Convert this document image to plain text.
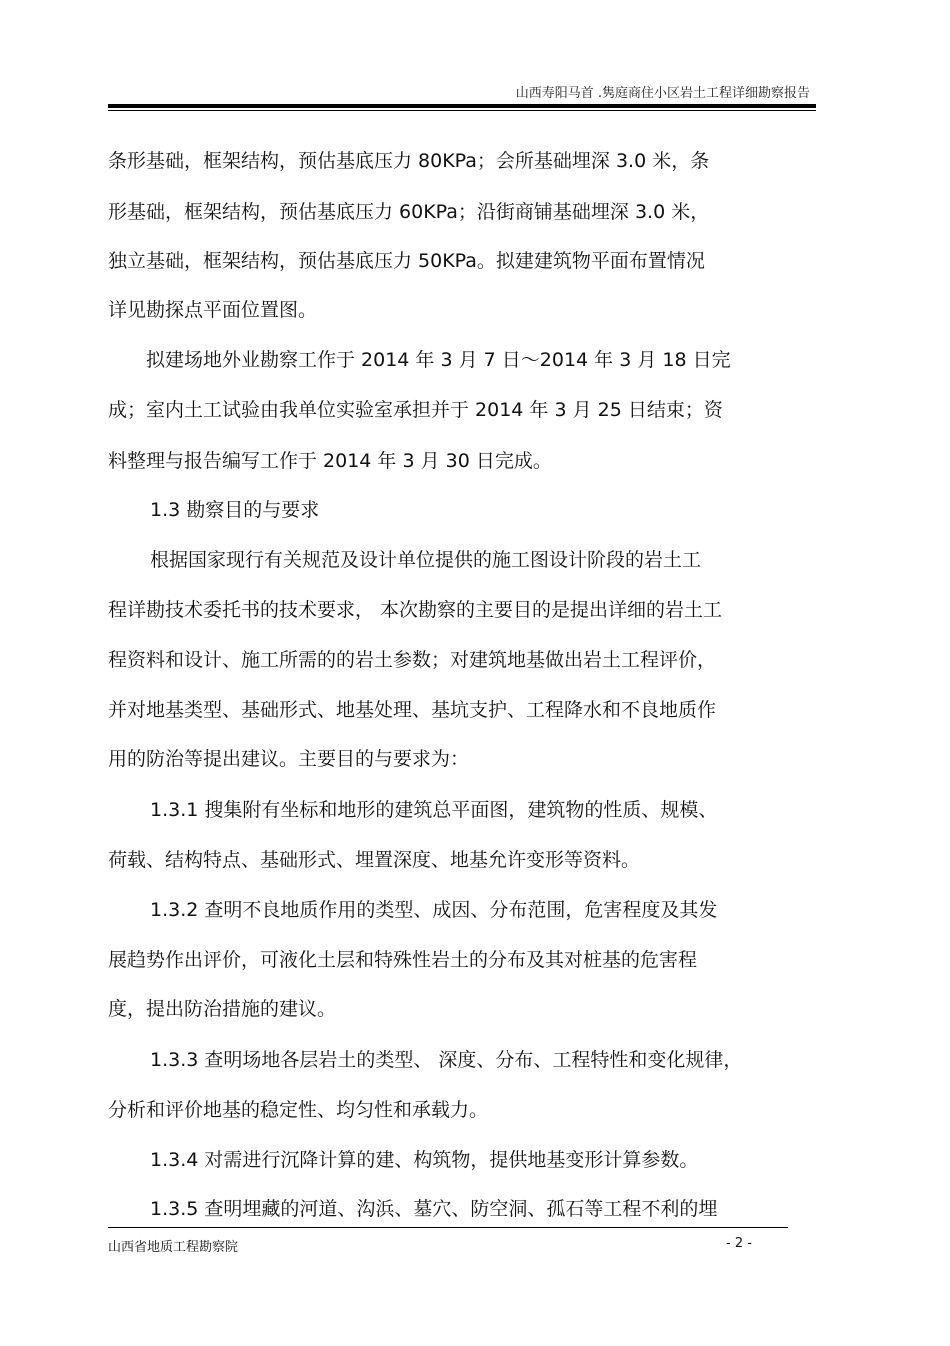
山西寿阳马首 .隽庭商住小区岩土工程详细勘察报告
条形基础，框架结构，预估基底压力 80KPa；会所基础埋深 3.0 米，条
形基础，框架结构，预估基底压力 60KPa；沿街商铺基础埋深 3.0 米，
独立基础，框架结构，预估基底压力 50KPa。拟建建筑物平面布置情况
详见勘探点平面位置图。
拟建场地外业勘察工作于 2014 年 3 月 7 日～2014 年 3 月 18 日完
成；室内土工试验由我单位实验室承担并于 2014 年 3 月 25 日结束；资
料整理与报告编写工作于 2014 年 3 月 30 日完成。
1.3 勘察目的与要求
根据国家现行有关规范及设计单位提供的施工图设计阶段的岩土工
程详勘技术委托书的技术要求， 本次勘察的主要目的是提出详细的岩土工
程资料和设计、施工所需的的岩土参数；对建筑地基做出岩土工程评价，
并对地基类型、基础形式、地基处理、基坑支护、工程降水和不良地质作
用的防治等提出建议。主要目的与要求为：
1.3.1 搜集附有坐标和地形的建筑总平面图，建筑物的性质、规模、
荷载、结构特点、基础形式、埋置深度、地基允许变形等资料。
1.3.2 查明不良地质作用的类型、成因、分布范围，危害程度及其发
展趋势作出评价，可液化土层和特殊性岩土的分布及其对桩基的危害程
度，提出防治措施的建议。
1.3.3 查明场地各层岩土的类型、 深度、分布、工程特性和变化规律，
分析和评价地基的稳定性、均匀性和承载力。
1.3.4 对需进行沉降计算的建、构筑物，提供地基变形计算参数。
1.3.5 查明埋藏的河道、沟浜、墓穴、防空洞、孤石等工程不利的埋
山西省地质工程勘察院	- 2 -
